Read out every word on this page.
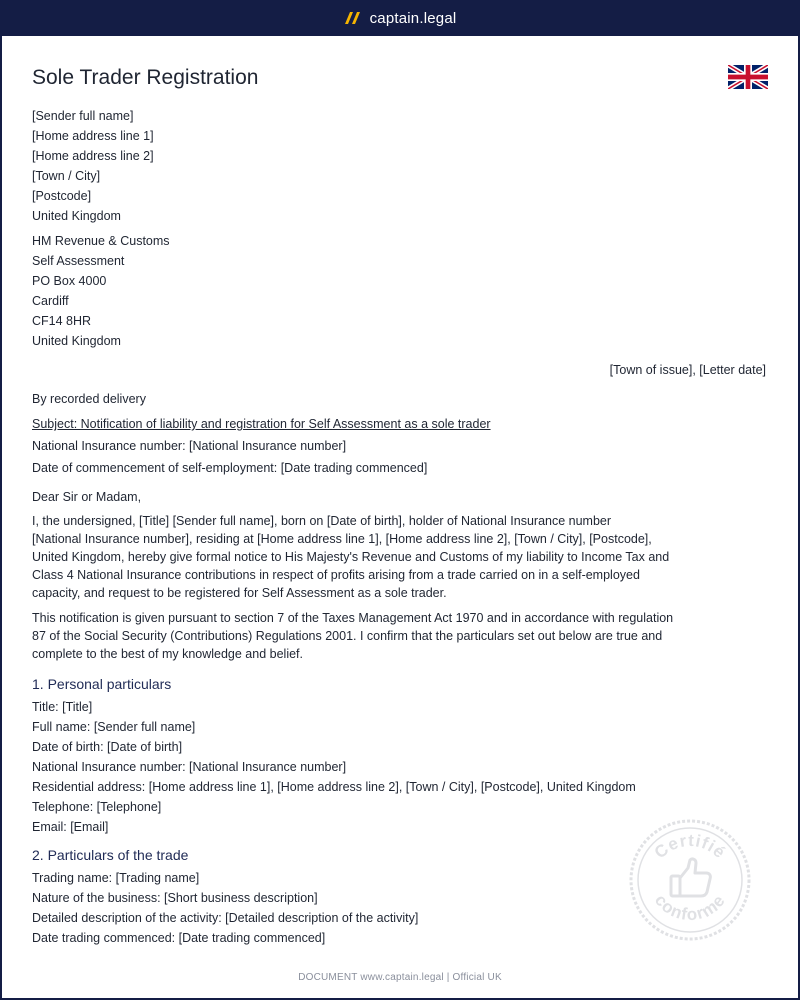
captain.legal
Sole Trader Registration
[Sender full name]
[Home address line 1]
[Home address line 2]
[Town / City]
[Postcode]
United Kingdom
HM Revenue & Customs
Self Assessment
PO Box 4000
Cardiff
CF14 8HR
United Kingdom
[Town of issue], [Letter date]
By recorded delivery
Subject: Notification of liability and registration for Self Assessment as a sole trader
National Insurance number: [National Insurance number]
Date of commencement of self-employment: [Date trading commenced]
Dear Sir or Madam,
I, the undersigned, [Title] [Sender full name], born on [Date of birth], holder of National Insurance number
[National Insurance number], residing at [Home address line 1], [Home address line 2], [Town / City], [Postcode],
United Kingdom, hereby give formal notice to His Majesty's Revenue and Customs of my liability to Income Tax and
Class 4 National Insurance contributions in respect of profits arising from a trade carried on in a self-employed
capacity, and request to be registered for Self Assessment as a sole trader.
This notification is given pursuant to section 7 of the Taxes Management Act 1970 and in accordance with regulation
87 of the Social Security (Contributions) Regulations 2001. I confirm that the particulars set out below are true and
complete to the best of my knowledge and belief.
1. Personal particulars
Title: [Title]
Full name: [Sender full name]
Date of birth: [Date of birth]
National Insurance number: [National Insurance number]
Residential address: [Home address line 1], [Home address line 2], [Town / City], [Postcode], United Kingdom
Telephone: [Telephone]
Email: [Email]
2. Particulars of the trade
Trading name: [Trading name]
Nature of the business: [Short business description]
Detailed description of the activity: [Detailed description of the activity]
Date trading commenced: [Date trading commenced]
Certifié
conforme
DOCUMENT www.captain.legal | Official UK
